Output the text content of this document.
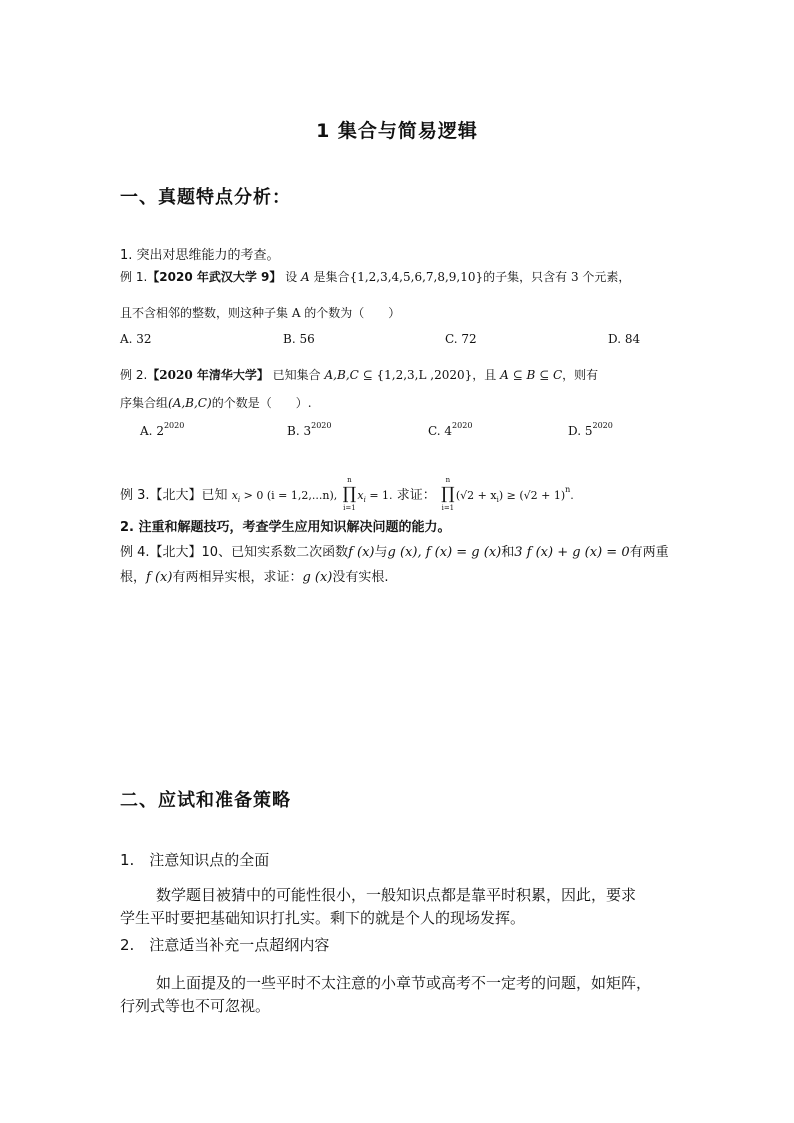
1 集合与简易逻辑
一、真题特点分析：
1. 突出对思维能力的考查。
例 1.【2020 年武汉大学 9】 设 A 是集合{1,2,3,4,5,6,7,8,9,10}的子集，只含有 3 个元素，
且不含相邻的整数，则这种子集 A 的个数为（　　）
A. 32	B. 56	C. 72	D. 84
例 2.【2020 年清华大学】 已知集合 A,B,C ⊆ {1,2,3,L ,2020}，且 A ⊆ B ⊆ C，则有
序集合组(A,B,C)的个数是（　　）.
A. $2^{2020}$	B. $3^{2020}$	C. $4^{2020}$	D. $5^{2020}$
例 3.【北大】已知 $x_i > 0$ (i = 1,2,...n),
n
∏
i=1
$x_i = 1$. 求证：
n
∏
i=1
$(√2 + x_i) \ge (√2 + 1)^n$.
2. 注重和解题技巧，考查学生应用知识解决问题的能力。
例 4.【北大】10、已知实系数二次函数f (x)与g (x), f (x) = g (x)和3 f (x) + g (x) = 0有两重
根，f (x)有两相异实根，求证：g (x)没有实根.
二、应试和准备策略
1.　注意知识点的全面
数学题目被猜中的可能性很小，一般知识点都是靠平时积累，因此，要求
学生平时要把基础知识打扎实。剩下的就是个人的现场发挥。
2.　注意适当补充一点超纲内容
如上面提及的一些平时不太注意的小章节或高考不一定考的问题，如矩阵，
行列式等也不可忽视。
